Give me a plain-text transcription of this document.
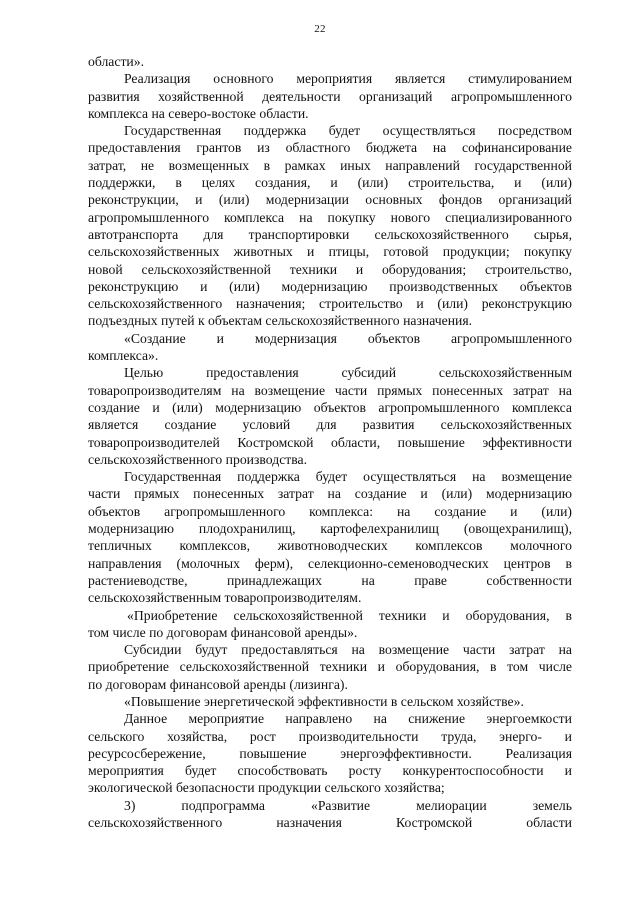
22
области».
Реализация основного мероприятия является стимулированием
развития хозяйственной деятельности организаций агропромышленного
комплекса на северо-востоке области.
Государственная поддержка будет осуществляться посредством
предоставления грантов из областного бюджета на софинансирование
затрат, не возмещенных в рамках иных направлений государственной
поддержки, в целях создания, и (или) строительства, и (или)
реконструкции, и (или) модернизации основных фондов организаций
агропромышленного комплекса на покупку нового специализированного
автотранспорта для транспортировки сельскохозяйственного сырья,
сельскохозяйственных животных и птицы, готовой продукции; покупку
новой сельскохозяйственной техники и оборудования; строительство,
реконструкцию и (или) модернизацию производственных объектов
сельскохозяйственного назначения; строительство и (или) реконструкцию
подъездных путей к объектам сельскохозяйственного назначения.
«Создание и модернизация объектов агропромышленного
комплекса».
Целью предоставления субсидий сельскохозяйственным
товаропроизводителям на возмещение части прямых понесенных затрат на
создание и (или) модернизацию объектов агропромышленного комплекса
является создание условий для развития сельскохозяйственных
товаропроизводителей Костромской области, повышение эффективности
сельскохозяйственного производства.
Государственная поддержка будет осуществляться на возмещение
части прямых понесенных затрат на создание и (или) модернизацию
объектов агропромышленного комплекса: на создание и (или)
модернизацию плодохранилищ, картофелехранилищ (овощехранилищ),
тепличных комплексов, животноводческих комплексов молочного
направления (молочных ферм), селекционно-семеноводческих центров в
растениеводстве, принадлежащих на праве собственности
сельскохозяйственным товаропроизводителям.
«Приобретение сельскохозяйственной техники и оборудования, в
том числе по договорам финансовой аренды».
Субсидии будут предоставляться на возмещение части затрат на
приобретение сельскохозяйственной техники и оборудования, в том числе
по договорам финансовой аренды (лизинга).
«Повышение энергетической эффективности в сельском хозяйстве».
Данное мероприятие направлено на снижение энергоемкости
сельского хозяйства, рост производительности труда, энерго- и
ресурсосбережение, повышение энергоэффективности. Реализация
мероприятия будет способствовать росту конкурентоспособности и
экологической безопасности продукции сельского хозяйства;
3) подпрограмма «Развитие мелиорации земель
сельскохозяйственного назначения Костромской области
